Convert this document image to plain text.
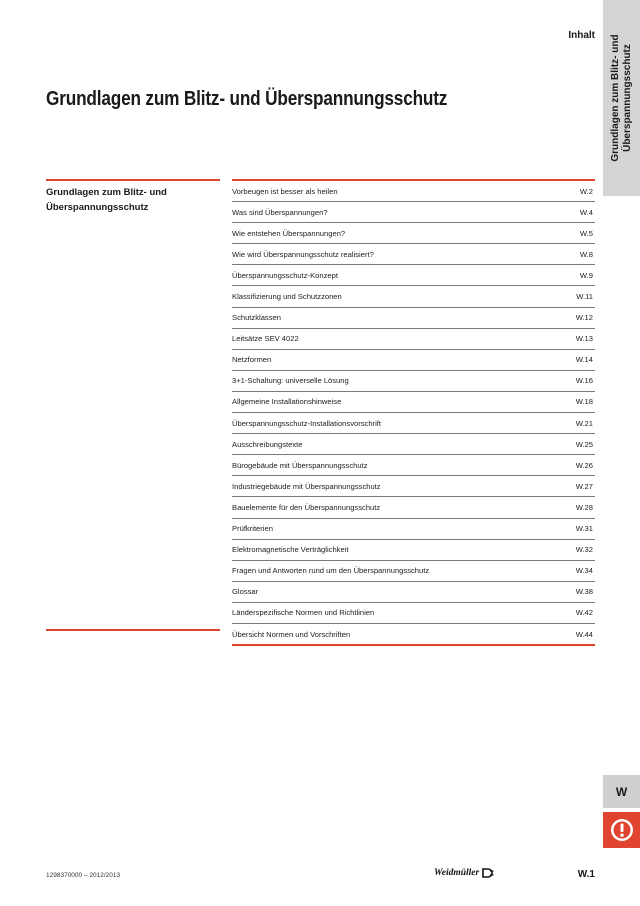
Inhalt
Grundlagen zum Blitz- und Überspannungsschutz	Grundlagen zum Blitz- und Überspannungsschutz
Grundlagen zum Blitz- und
Überspannungsschutz
Vorbeugen ist besser als heilen	W.2
Was sind Überspannungen?	W.4
Wie entstehen Überspannungen?	W.5
Wie wird Überspannungsschutz realisiert?	W.8
Überspannungsschutz-Konzept	W.9
Klassifizierung und Schutzzonen	W.11
Schutzklassen	W.12
Leitsätze SEV 4022	W.13
Netzformen	W.14
3+1-Schaltung: universelle Lösung	W.16
Allgemeine Installationshinweise	W.18
Überspannungsschutz-Installationsvorschrift	W.21
Ausschreibungstexte	W.25
Bürogebäude mit Überspannungsschutz	W.26
Industriegebäude mit Überspannungsschutz	W.27
Bauelemente für den Überspannungsschutz	W.28
Prüfkriterien	W.31
Elektromagnetische Verträglichkeit	W.32
Fragen und Antworten rund um den Überspannungsschutz	W.34
Glossar	W.38
Länderspezifische Normen und Richtlinien	W.42
Übersicht Normen und Vorschriften	W.44
W
1298370000 – 2012/2013	Weidmüller	W.1
